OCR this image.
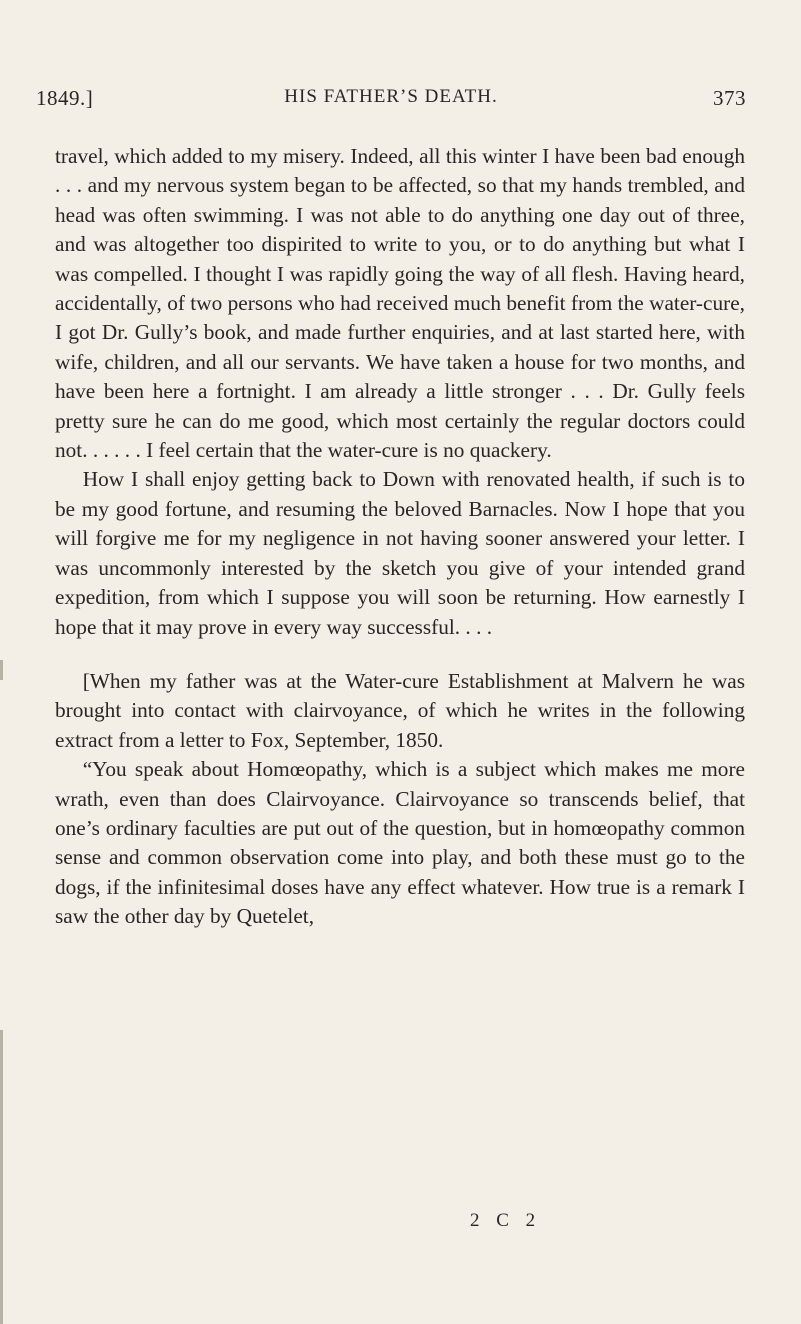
1849.]	HIS FATHER’S DEATH.	373

travel, which added to my misery. Indeed, all this winter I have been bad enough . . . and my nervous system began to be affected, so that my hands trembled, and head was often swimming. I was not able to do anything one day out of three, and was altogether too dispirited to write to you, or to do anything but what I was compelled. I thought I was rapidly going the way of all flesh. Having heard, accidentally, of two persons who had received much benefit from the water-cure, I got Dr. Gully’s book, and made further enquiries, and at last started here, with wife, children, and all our servants. We have taken a house for two months, and have been here a fortnight. I am already a little stronger . . . Dr. Gully feels pretty sure he can do me good, which most certainly the regular doctors could not. . . . . . I feel certain that the water-cure is no quackery.

How I shall enjoy getting back to Down with renovated health, if such is to be my good fortune, and resuming the beloved Barnacles. Now I hope that you will forgive me for my negligence in not having sooner answered your letter. I was uncommonly interested by the sketch you give of your intended grand expedition, from which I suppose you will soon be returning. How earnestly I hope that it may prove in every way successful. . . .

[When my father was at the Water-cure Establishment at Malvern he was brought into contact with clairvoyance, of which he writes in the following extract from a letter to Fox, September, 1850.

“You speak about Homœopathy, which is a subject which makes me more wrath, even than does Clairvoyance. Clairvoyance so transcends belief, that one’s ordinary faculties are put out of the question, but in homœopathy common sense and common observation come into play, and both these must go to the dogs, if the infinitesimal doses have any effect whatever. How true is a remark I saw the other day by Quetelet,

2 C 2
